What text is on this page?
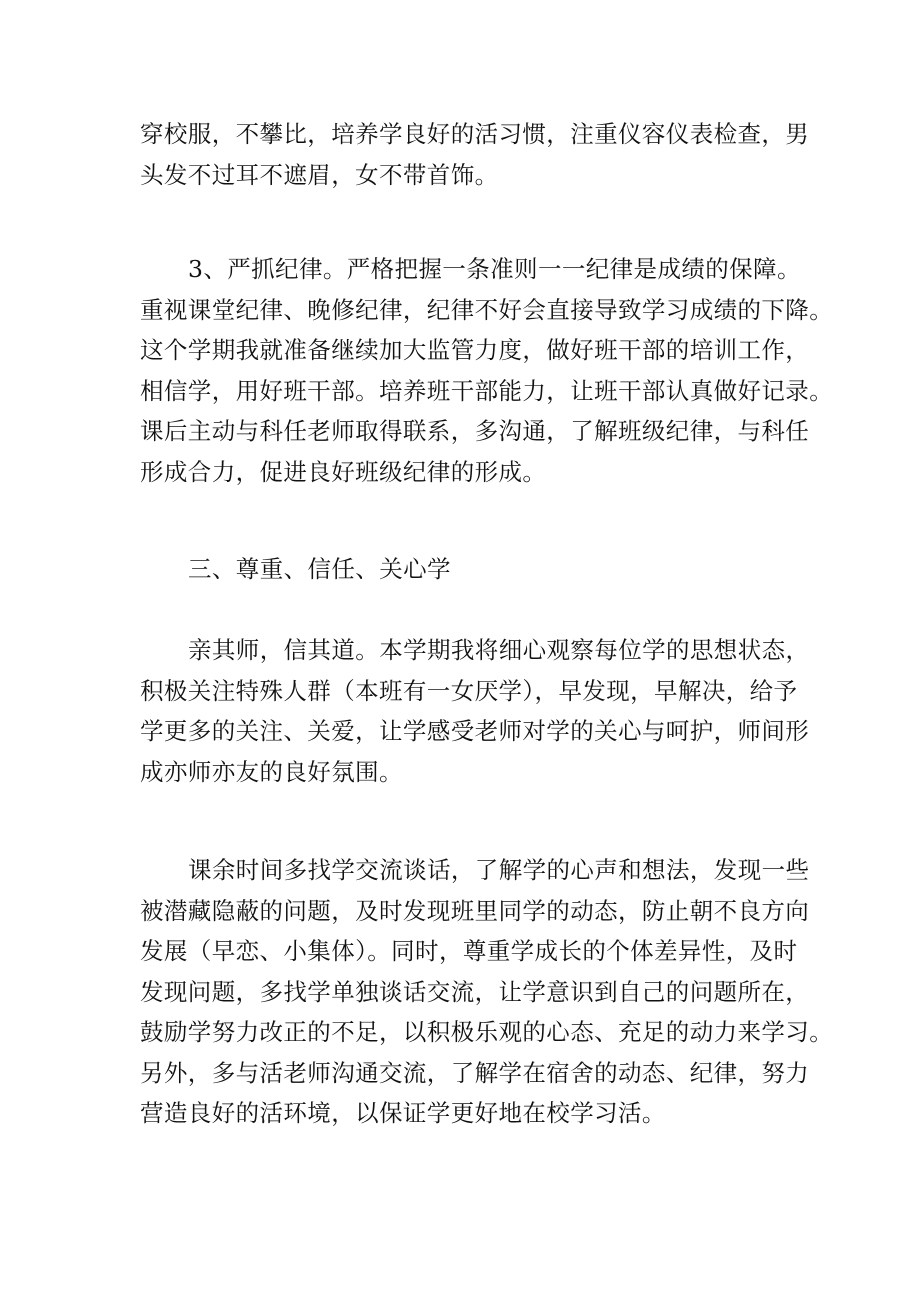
穿校服，不攀比，培养学良好的活习惯，注重仪容仪表检查，男
头发不过耳不遮眉，女不带首饰。

3、严抓纪律。严格把握一条准则一一纪律是成绩的保障。
重视课堂纪律、晚修纪律，纪律不好会直接导致学习成绩的下降。
这个学期我就准备继续加大监管力度，做好班干部的培训工作，
相信学，用好班干部。培养班干部能力，让班干部认真做好记录。
课后主动与科任老师取得联系，多沟通，了解班级纪律，与科任
形成合力，促进良好班级纪律的形成。

三、尊重、信任、关心学

亲其师，信其道。本学期我将细心观察每位学的思想状态，
积极关注特殊人群（本班有一女厌学），早发现，早解决，给予
学更多的关注、关爱，让学感受老师对学的关心与呵护，师间形
成亦师亦友的良好氛围。

课余时间多找学交流谈话，了解学的心声和想法，发现一些
被潜藏隐蔽的问题，及时发现班里同学的动态，防止朝不良方向
发展（早恋、小集体）。同时，尊重学成长的个体差异性，及时
发现问题，多找学单独谈话交流，让学意识到自己的问题所在，
鼓励学努力改正的不足，以积极乐观的心态、充足的动力来学习。
另外，多与活老师沟通交流，了解学在宿舍的动态、纪律，努力
营造良好的活环境，以保证学更好地在校学习活。
